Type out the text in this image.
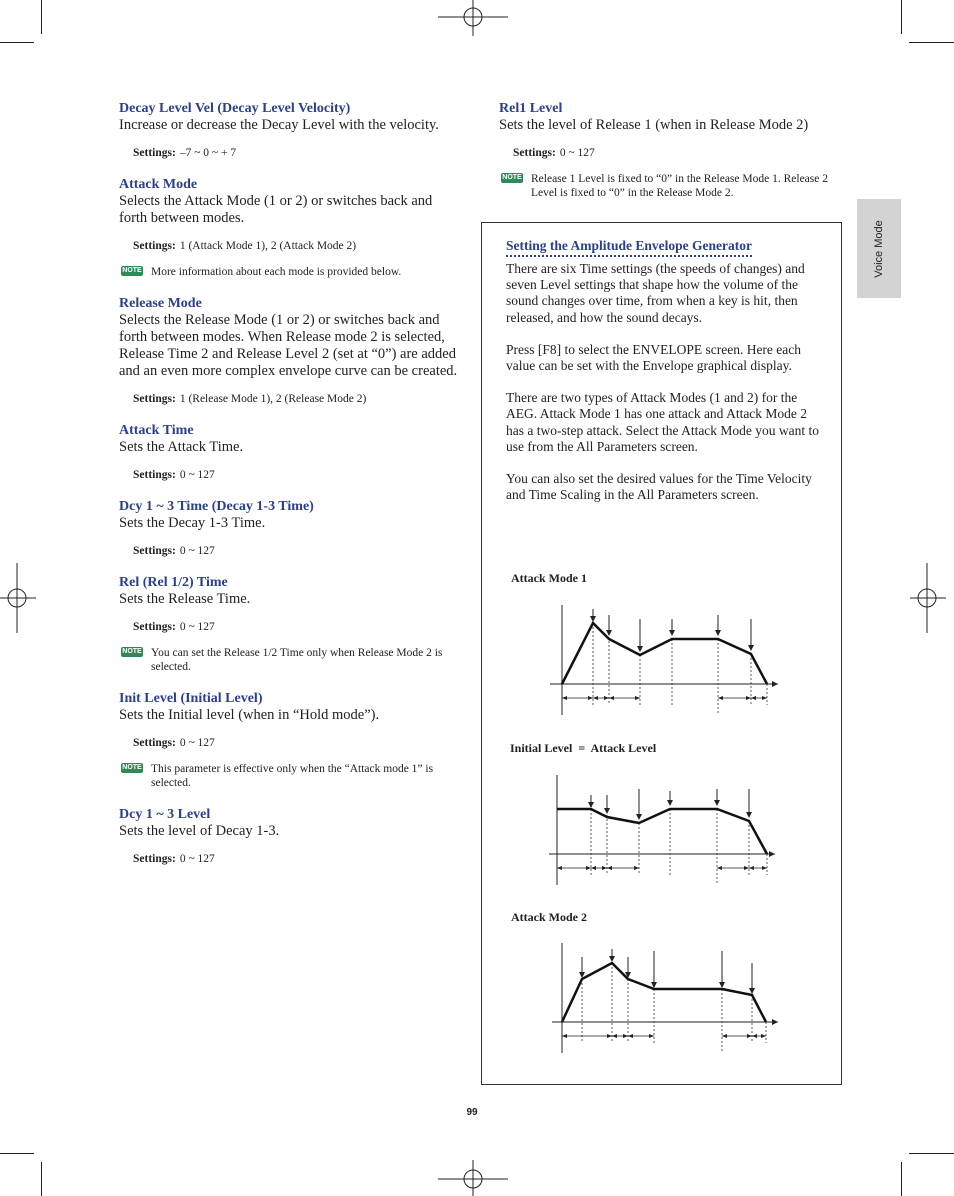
Voice Mode
Decay Level Vel (Decay Level Velocity)
Increase or decrease the Decay Level with the velocity.
Settings: –7 ~ 0 ~ + 7
Attack Mode
Selects the Attack Mode (1 or 2) or switches back and forth between modes.
Settings: 1 (Attack Mode 1), 2 (Attack Mode 2)
NOTE More information about each mode is provided below.
Release Mode
Selects the Release Mode (1 or 2) or switches back and forth between modes. When Release mode 2 is selected, Release Time 2 and Release Level 2 (set at “0”) are added and an even more complex envelope curve can be created.
Settings: 1 (Release Mode 1), 2 (Release Mode 2)
Attack Time
Sets the Attack Time.
Settings: 0 ~ 127
Dcy 1 ~ 3 Time (Decay 1-3 Time)
Sets the Decay 1-3 Time.
Settings: 0 ~ 127
Rel (Rel 1/2) Time
Sets the Release Time.
Settings: 0 ~ 127
NOTE You can set the Release 1/2 Time only when Release Mode 2 is selected.
Init Level (Initial Level)
Sets the Initial level (when in “Hold mode”).
Settings: 0 ~ 127
NOTE This parameter is effective only when the “Attack mode 1” is selected.
Dcy 1 ~ 3 Level
Sets the level of Decay 1-3.
Settings: 0 ~ 127
Rel1 Level
Sets the level of Release 1 (when in Release Mode 2)
Settings: 0 ~ 127
NOTE Release 1 Level is fixed to “0” in the Release Mode 1. Release 2 Level is fixed to “0” in the Release Mode 2.
Setting the Amplitude Envelope Generator
There are six Time settings (the speeds of changes) and seven Level settings that shape how the volume of the sound changes over time, from when a key is hit, then released, and how the sound decays.
Press [F8] to select the ENVELOPE screen. Here each value can be set with the Envelope graphical display.
There are two types of Attack Modes (1 and 2) for the AEG. Attack Mode 1 has one attack and Attack Mode 2 has a two-step attack. Select the Attack Mode you want to use from the All Parameters screen.
You can also set the desired values for the Time Velocity and Time Scaling in the All Parameters screen.
Attack Mode 1
Initial Level  =  Attack Level
Attack Mode 2
99
